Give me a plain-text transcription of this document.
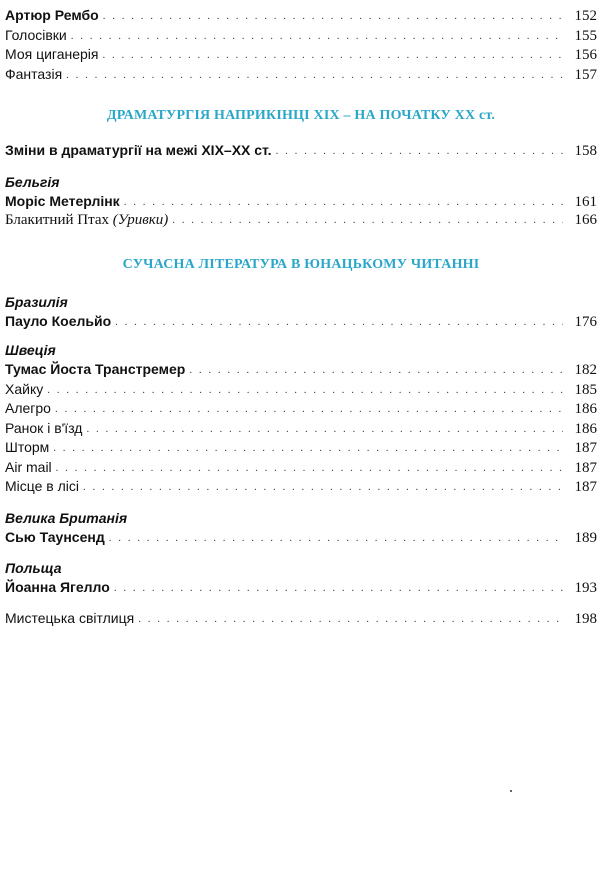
Артюр Рембо . . .	152
Голосівки . . .	155
Моя циганерія . . .	156
Фантазія . . .	157
ДРАМАТУРГІЯ НАПРИКІНЦІ XIX – НА ПОЧАТКУ XX ст.
Зміни в драматургії на межі XIX–XX ст. . . .	158
Бельгія
Моріс Метерлінк . . .	161
Блакитний Птах (Уривки) . . .	166
СУЧАСНА ЛІТЕРАТУРА В ЮНАЦЬКОМУ ЧИТАННІ
Бразилія
Пауло Коельйо . . .	176
Швеція
Тумас Йоста Транстремер . . .	182
Хайку . . .	185
Алегро . . .	186
Ранок і в'їзд . . .	186
Шторм . . .	187
Air mail . . .	187
Місце в лісі . . .	187
Велика Британія
Сью Таунсенд . . .	189
Польща
Йоанна Ягелло . . .	193
Мистецька світлиця . . .	198
